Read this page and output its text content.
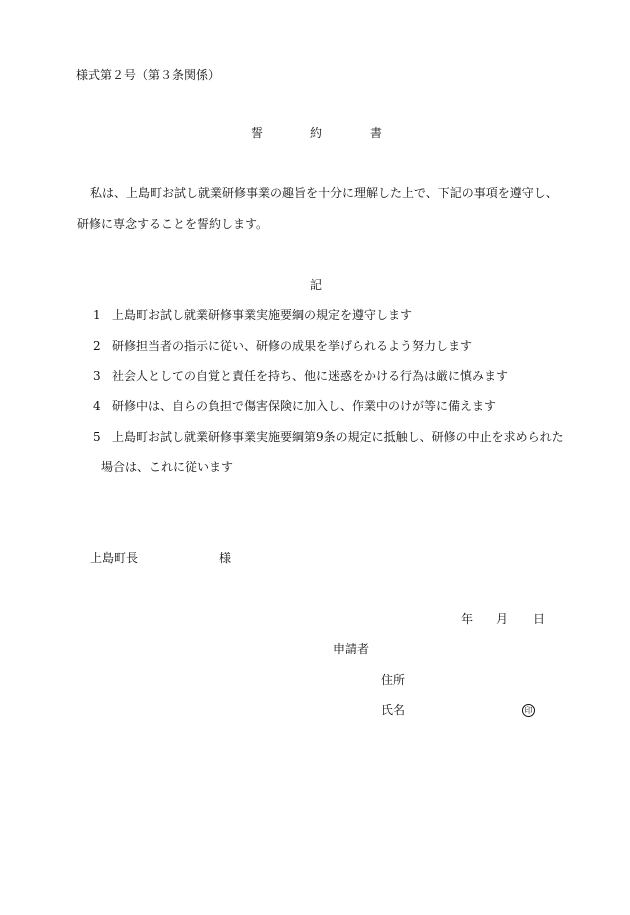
様式第２号（第３条関係）
誓	約	書
私は、上島町お試し就業研修事業の趣旨を十分に理解した上で、下記の事項を遵守し、
研修に専念することを誓約します。
記
1 上島町お試し就業研修事業実施要綱の規定を遵守します
2 研修担当者の指示に従い、研修の成果を挙げられるよう努力します
3 社会人としての自覚と責任を持ち、他に迷惑をかける行為は厳に慎みます
4 研修中は、自らの負担で傷害保険に加入し、作業中のけが等に備えます
5 上島町お試し就業研修事業実施要綱第9条の規定に抵触し、研修の中止を求められた
場合は、これに従います
上島町長	様
年 月 日
申請者
住所
氏名	印
